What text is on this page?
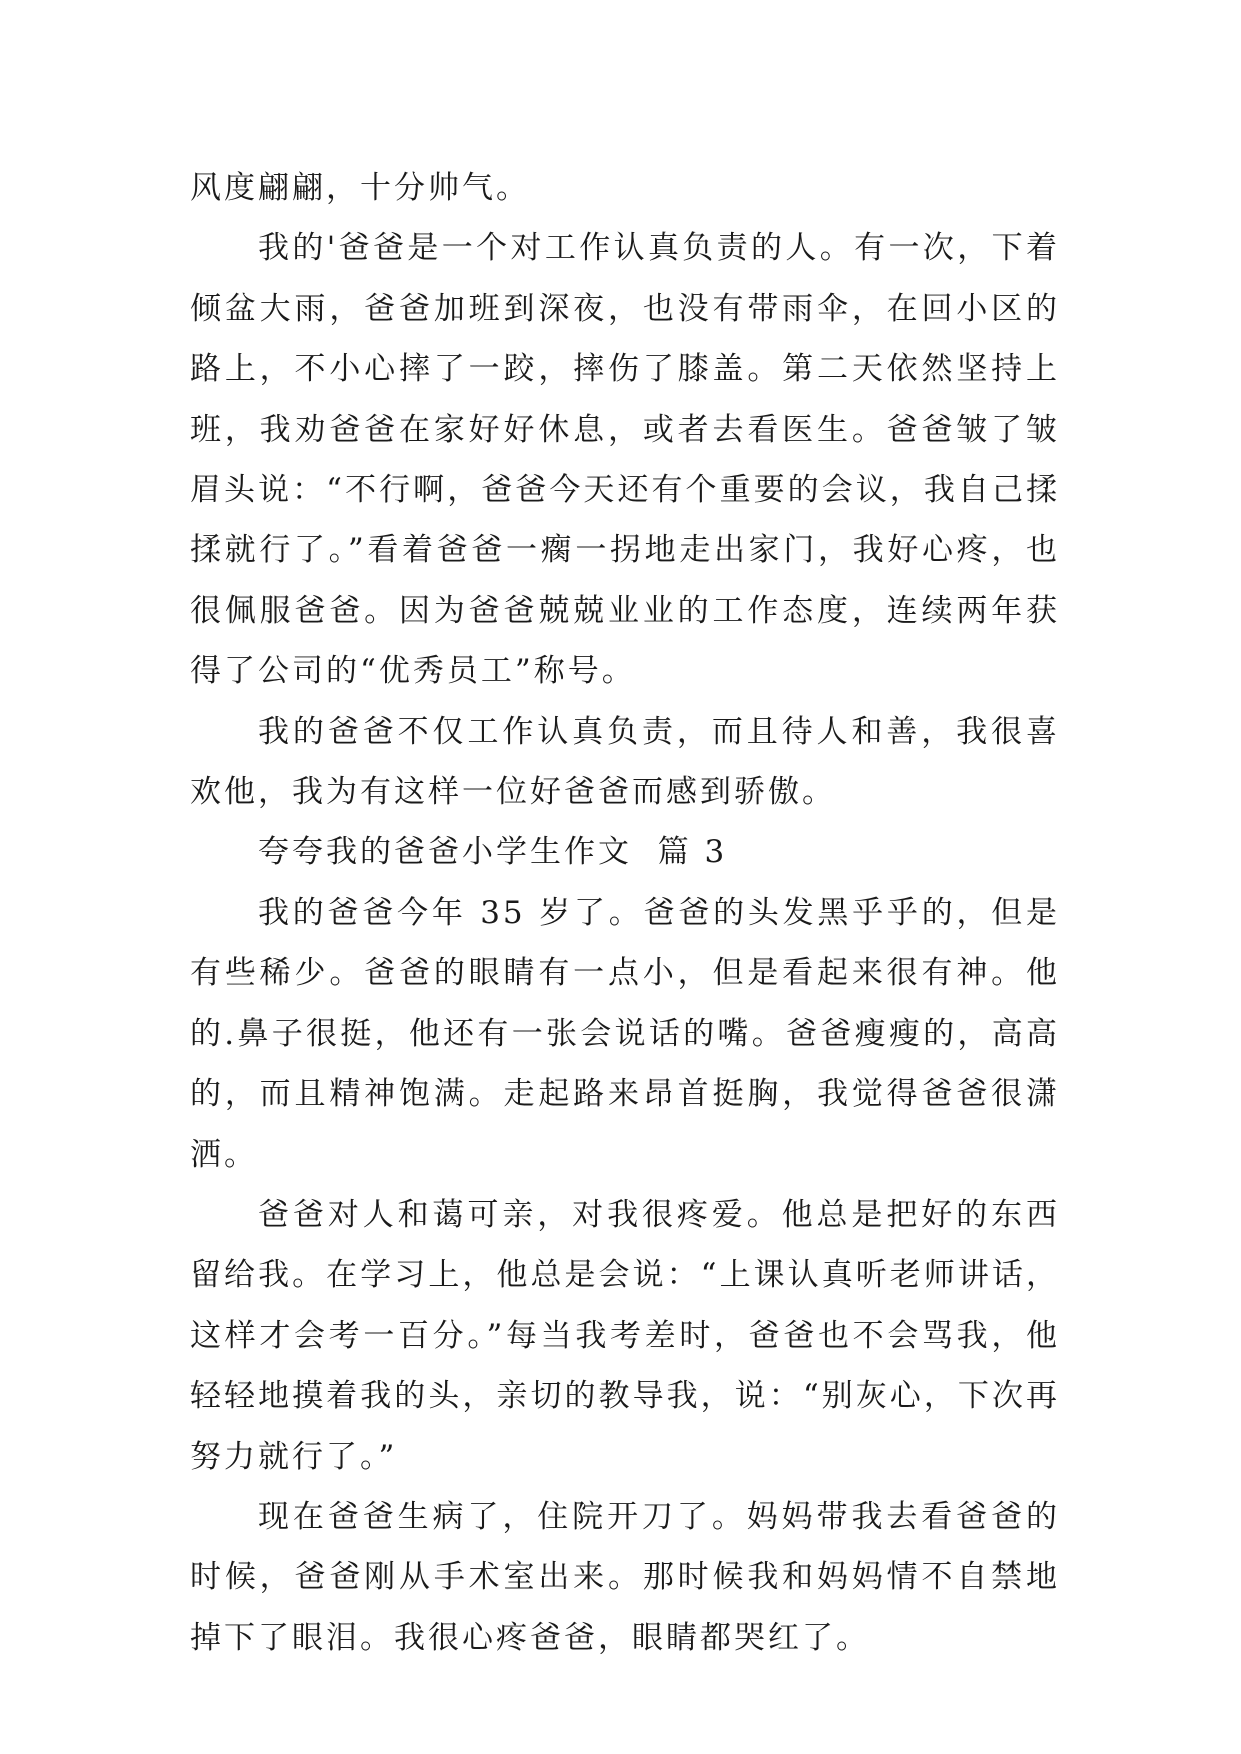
风度翩翩，十分帅气。

我的'爸爸是一个对工作认真负责的人。有一次，下着倾盆大雨，爸爸加班到深夜，也没有带雨伞，在回小区的路上，不小心摔了一跤，摔伤了膝盖。第二天依然坚持上班，我劝爸爸在家好好休息，或者去看医生。爸爸皱了皱眉头说：“不行啊，爸爸今天还有个重要的会议，我自己揉揉就行了。”看着爸爸一瘸一拐地走出家门，我好心疼，也很佩服爸爸。因为爸爸兢兢业业的工作态度，连续两年获得了公司的“优秀员工”称号。

我的爸爸不仅工作认真负责，而且待人和善，我很喜欢他，我为有这样一位好爸爸而感到骄傲。

夸夸我的爸爸小学生作文  篇 3

我的爸爸今年 35 岁了。爸爸的头发黑乎乎的，但是有些稀少。爸爸的眼睛有一点小，但是看起来很有神。他的.鼻子很挺，他还有一张会说话的嘴。爸爸瘦瘦的，高高的，而且精神饱满。走起路来昂首挺胸，我觉得爸爸很潇洒。

爸爸对人和蔼可亲，对我很疼爱。他总是把好的东西留给我。在学习上，他总是会说：“上课认真听老师讲话，这样才会考一百分。”每当我考差时，爸爸也不会骂我，他轻轻地摸着我的头，亲切的教导我，说：“别灰心，下次再努力就行了。”

现在爸爸生病了，住院开刀了。妈妈带我去看爸爸的时候，爸爸刚从手术室出来。那时候我和妈妈情不自禁地掉下了眼泪。我很心疼爸爸，眼睛都哭红了。
